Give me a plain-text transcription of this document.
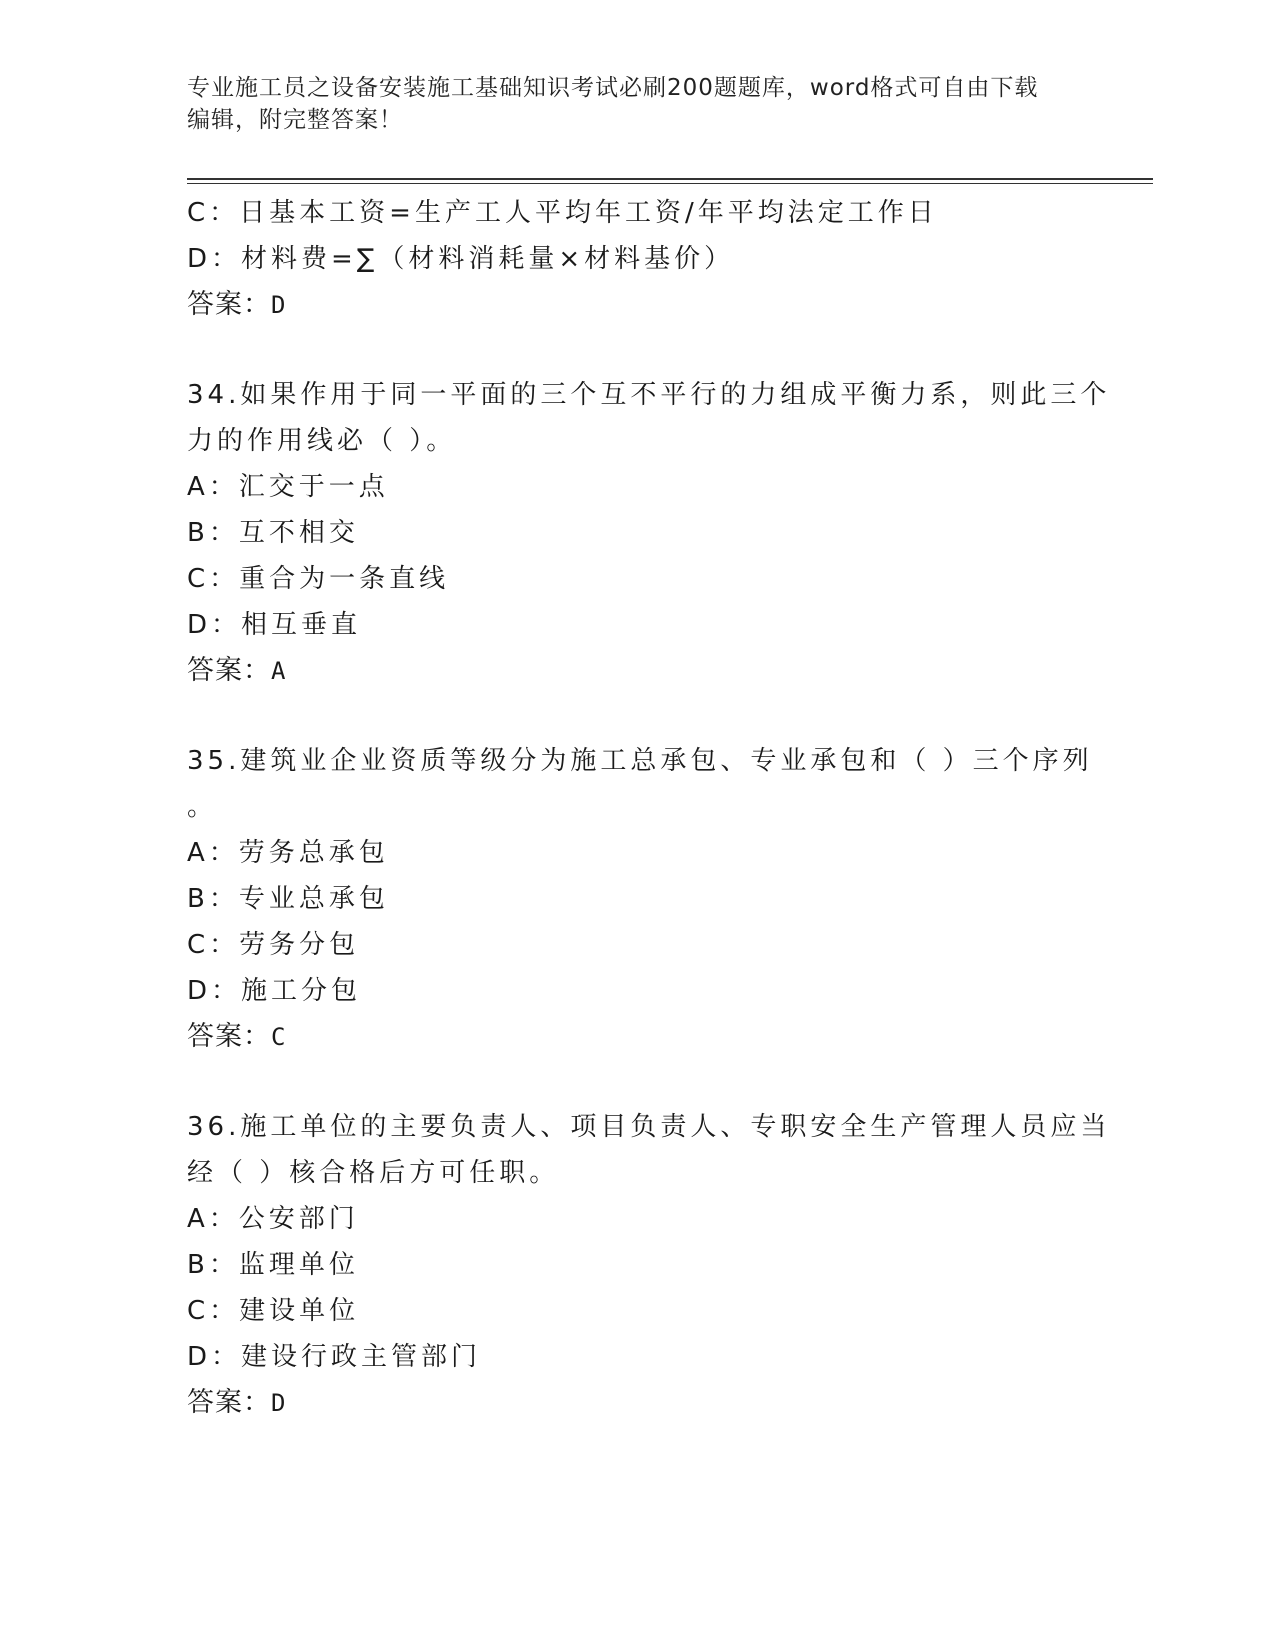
专业施工员之设备安装施工基础知识考试必刷200题题库，word格式可自由下载
编辑，附完整答案！
C：日基本工资=生产工人平均年工资/年平均法定工作日
D：材料费=∑（材料消耗量×材料基价）
答案：D
34.如果作用于同一平面的三个互不平行的力组成平衡力系，则此三个
力的作用线必（ ）。
A：汇交于一点
B：互不相交
C：重合为一条直线
D：相互垂直
答案：A
35.建筑业企业资质等级分为施工总承包、专业承包和（ ）三个序列
。
A：劳务总承包
B：专业总承包
C：劳务分包
D：施工分包
答案：C
36.施工单位的主要负责人、项目负责人、专职安全生产管理人员应当
经（ ）核合格后方可任职。
A：公安部门
B：监理单位
C：建设单位
D：建设行政主管部门
答案：D
